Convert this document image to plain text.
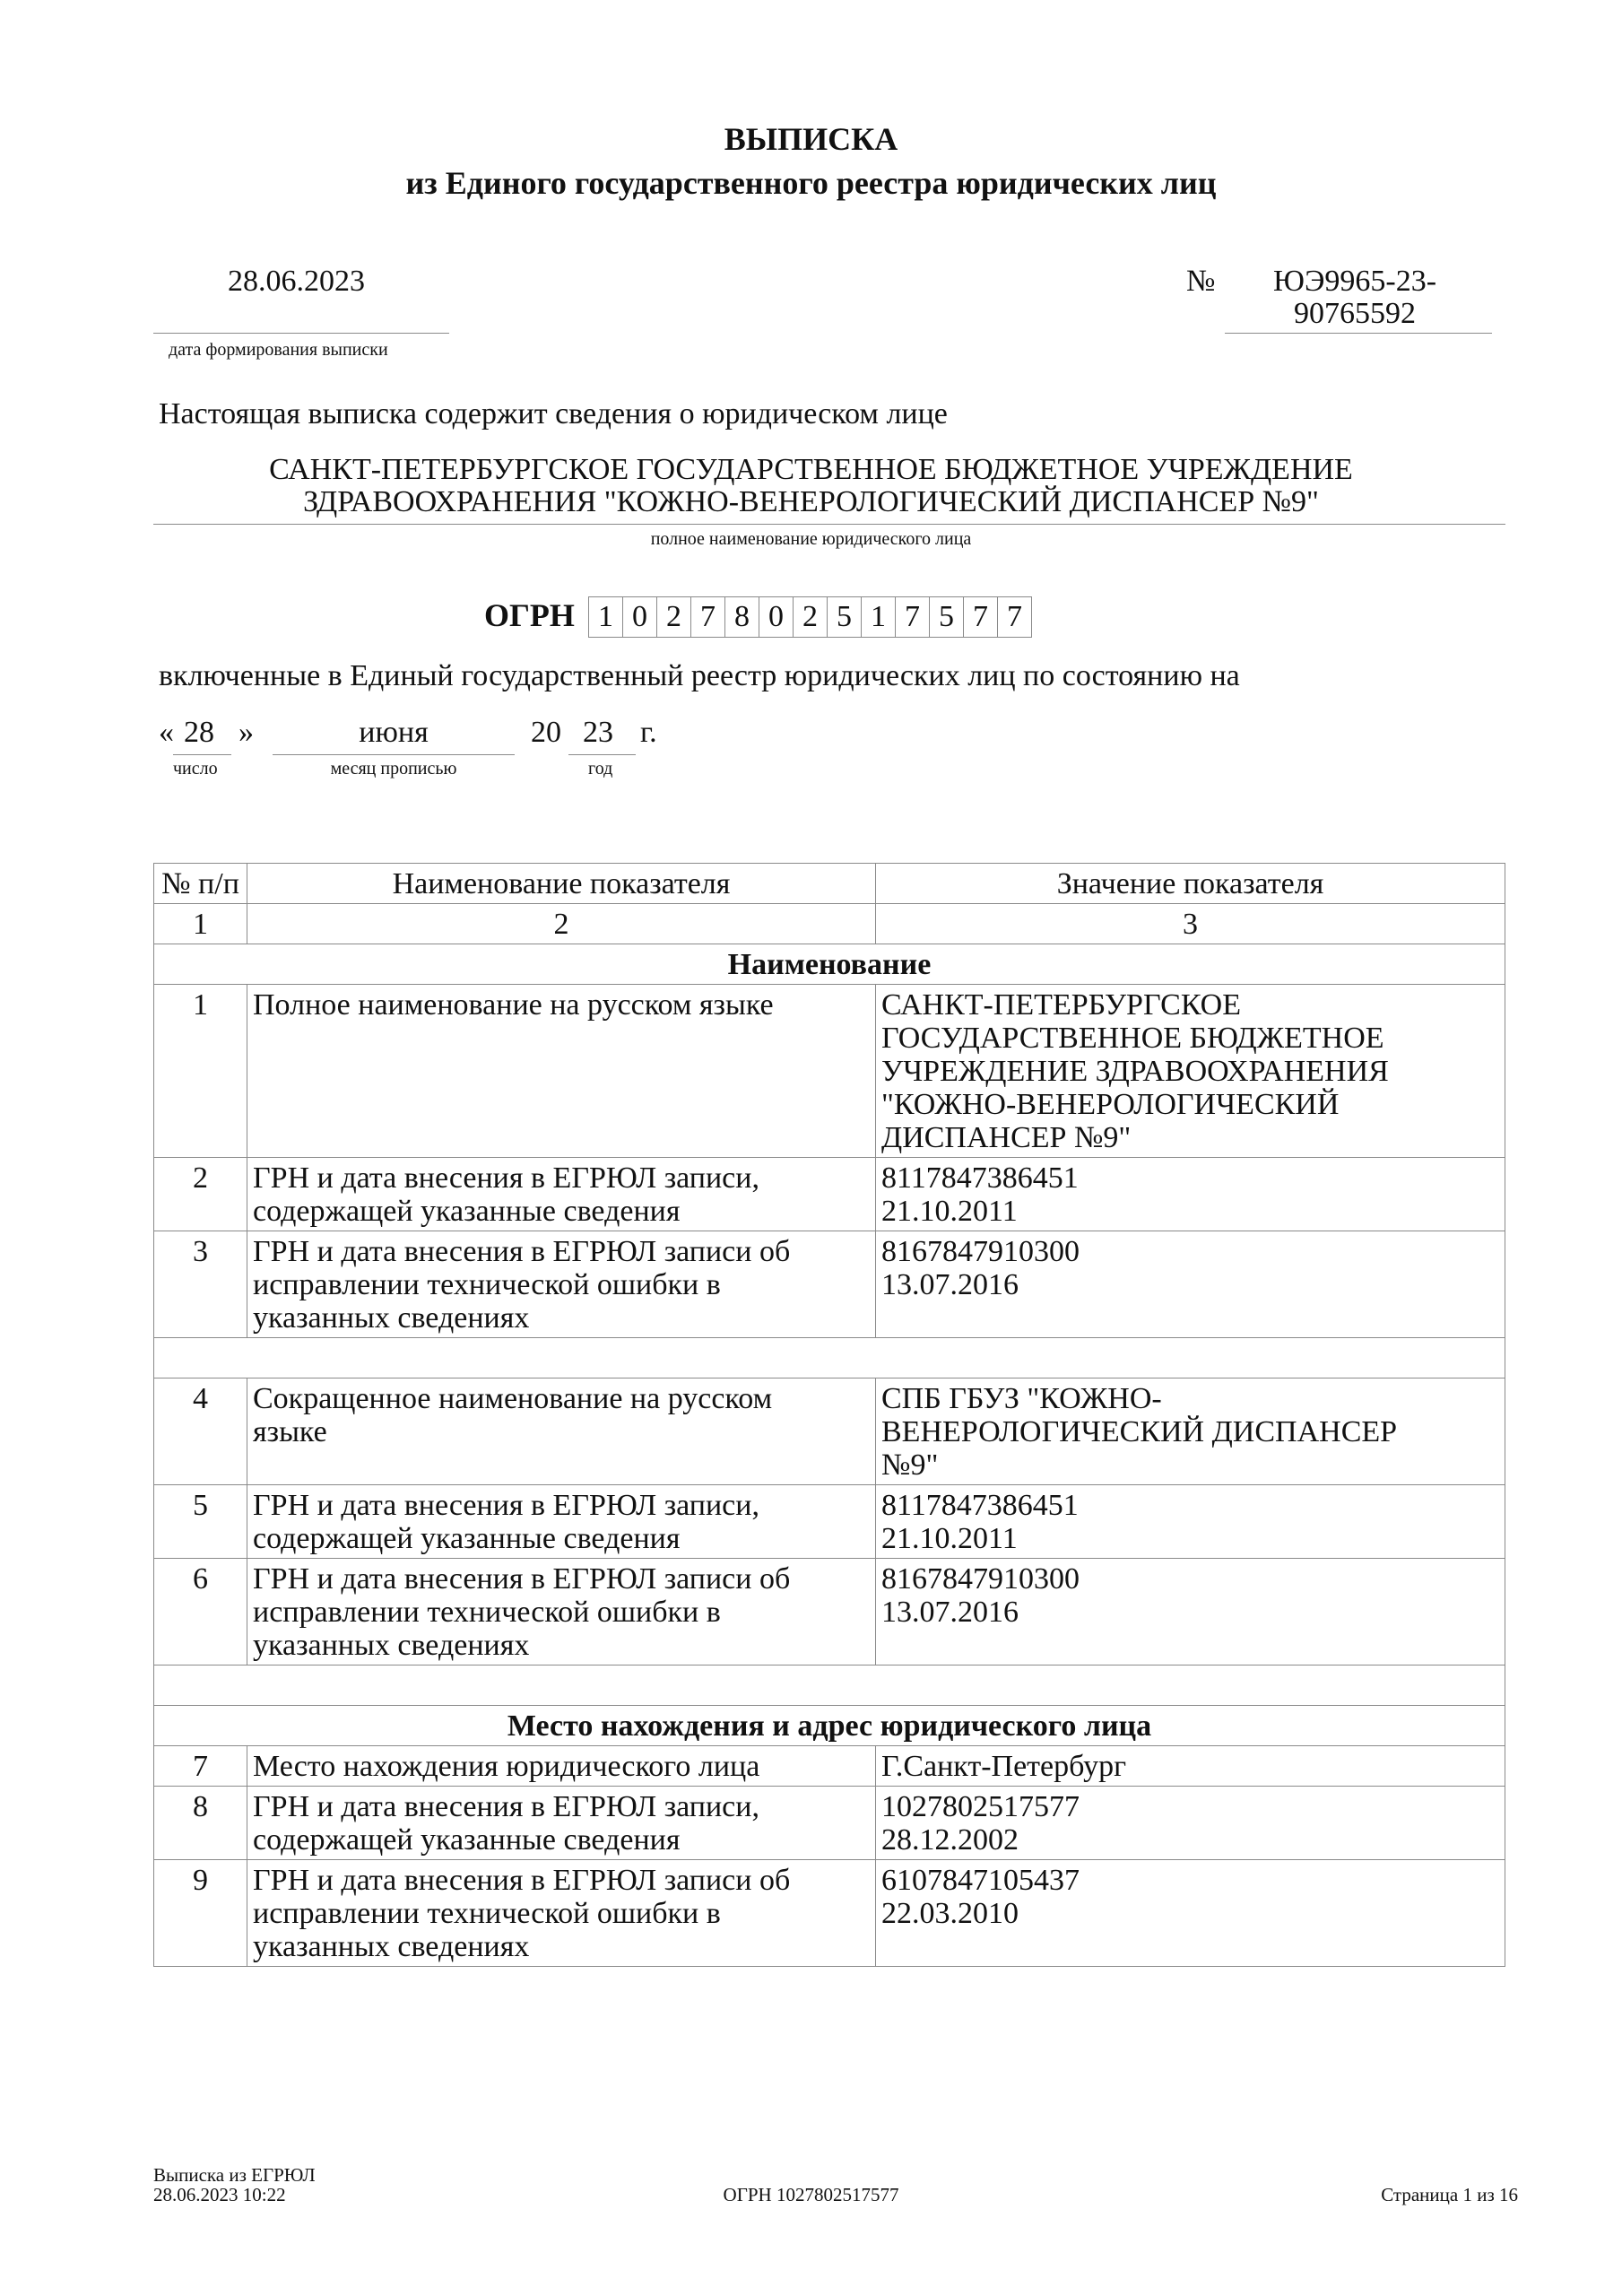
ВЫПИСКА
из Единого государственного реестра юридических лиц
28.06.2023
дата формирования выписки
№ ЮЭ9965-23-
90765592
Настоящая выписка содержит сведения о юридическом лице
САНКТ-ПЕТЕРБУРГСКОЕ ГОСУДАРСТВЕННОЕ БЮДЖЕТНОЕ УЧРЕЖДЕНИЕ
ЗДРАВООХРАНЕНИЯ "КОЖНО-ВЕНЕРОЛОГИЧЕСКИЙ ДИСПАНСЕР №9"
полное наименование юридического лица
ОГРН 1 0 2 7 8 0 2 5 1 7 5 7 7
включенные в Единый государственный реестр юридических лиц по состоянию на
« 28 »	июня	20 23 г.
число	месяц прописью	год
№ п/п	Наименование показателя	Значение показателя
1	2	3
Наименование		
1	Полное наименование на русском языке	САНКТ-ПЕТЕРБУРГСКОЕ
ГОСУДАРСТВЕННОЕ БЮДЖЕТНОЕ
УЧРЕЖДЕНИЕ ЗДРАВООХРАНЕНИЯ
"КОЖНО-ВЕНЕРОЛОГИЧЕСКИЙ
ДИСПАНСЕР №9"
2	ГРН и дата внесения в ЕГРЮЛ записи,
содержащей указанные сведения	8117847386451
21.10.2011
3	ГРН и дата внесения в ЕГРЮЛ записи об
исправлении технической ошибки в
указанных сведениях	8167847910300
13.07.2016

4	Сокращенное наименование на русском
языке	СПБ ГБУЗ "КОЖНО-
ВЕНЕРОЛОГИЧЕСКИЙ ДИСПАНСЕР
№9"
5	ГРН и дата внесения в ЕГРЮЛ записи,
содержащей указанные сведения	8117847386451
21.10.2011
6	ГРН и дата внесения в ЕГРЮЛ записи об
исправлении технической ошибки в
указанных сведениях	8167847910300
13.07.2016

Место нахождения и адрес юридического лица		
7	Место нахождения юридического лица	Г.Санкт-Петербург
8	ГРН и дата внесения в ЕГРЮЛ записи,
содержащей указанные сведения	1027802517577
28.12.2002
9	ГРН и дата внесения в ЕГРЮЛ записи об
исправлении технической ошибки в
указанных сведениях	6107847105437
22.03.2010
Выписка из ЕГРЮЛ
28.06.2023 10:22	ОГРН 1027802517577	Страница 1 из 16
